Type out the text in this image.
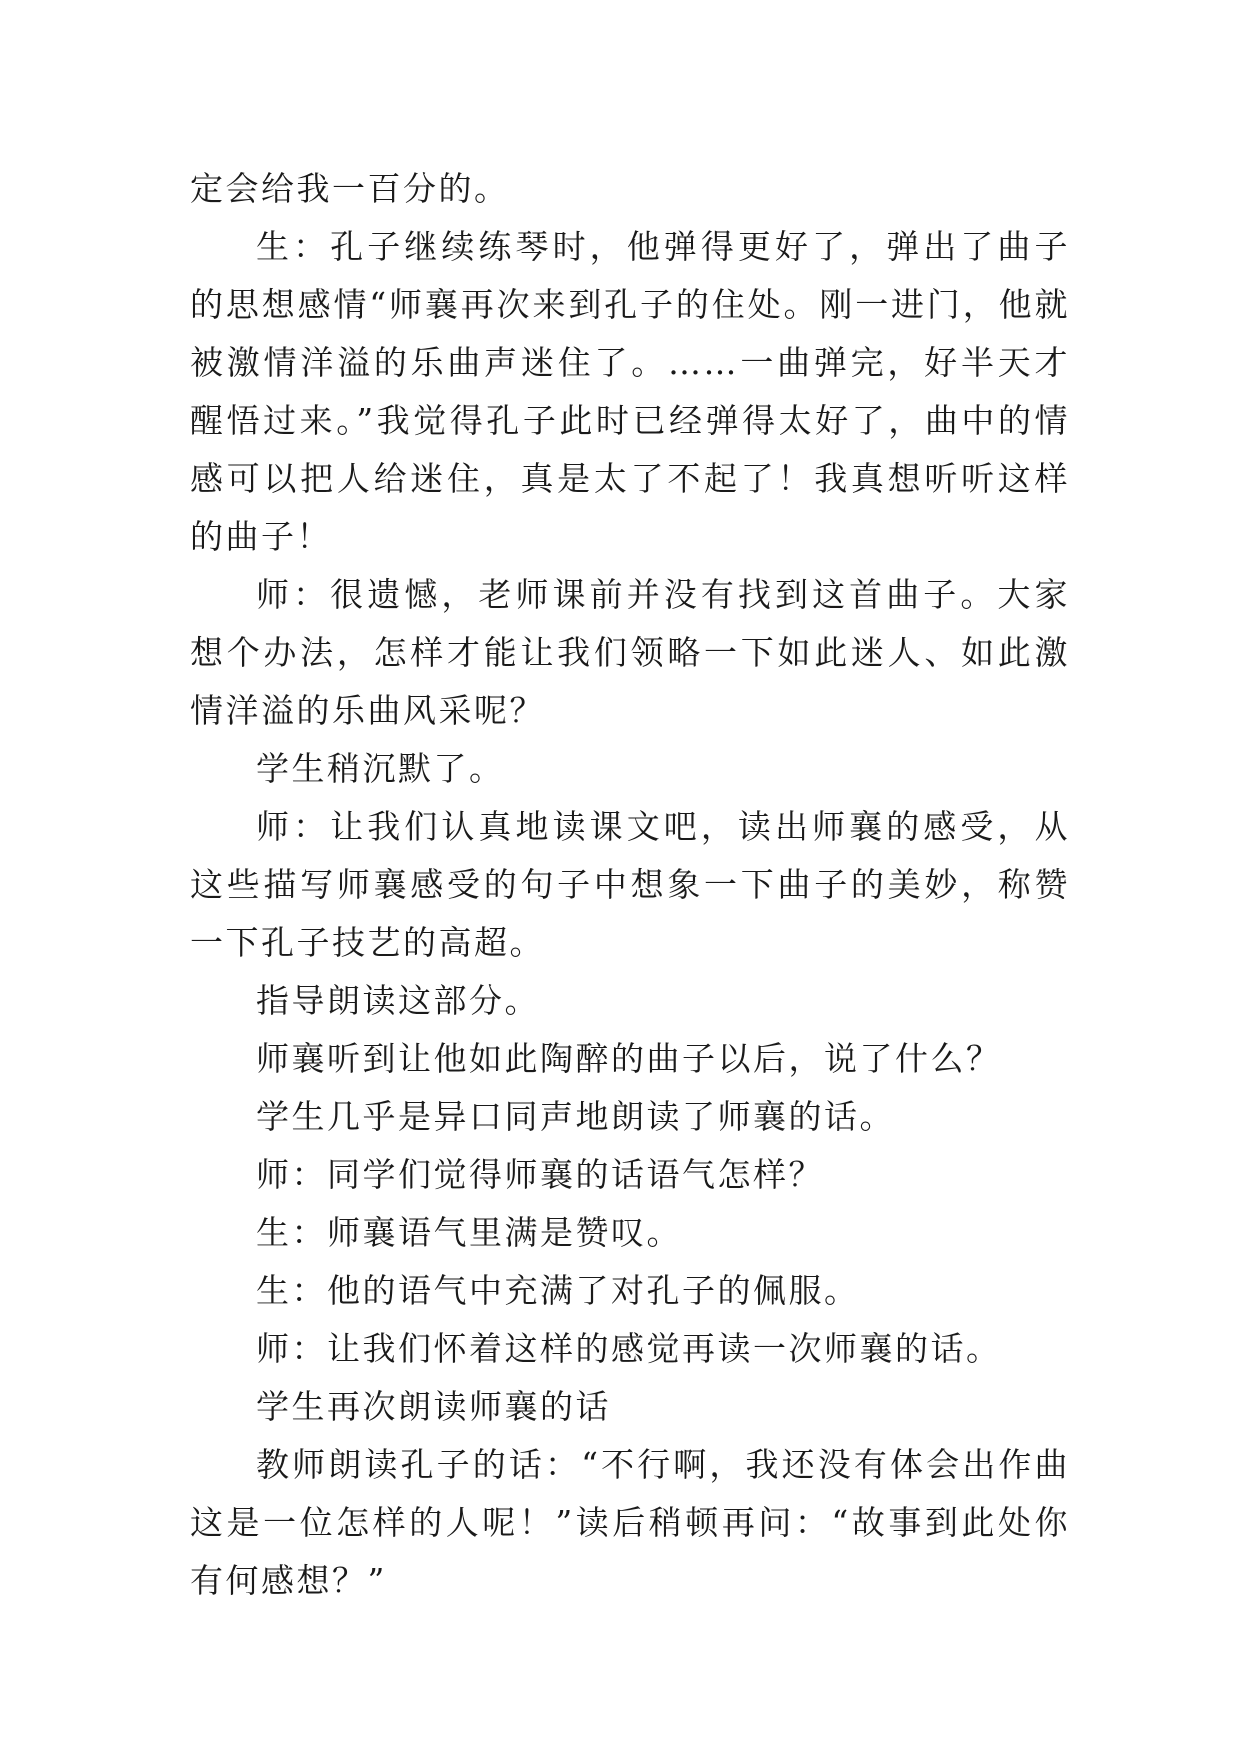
定会给我一百分的。

生：孔子继续练琴时，他弹得更好了，弹出了曲子的思想感情“师襄再次来到孔子的住处。刚一进门，他就被激情洋溢的乐曲声迷住了。……一曲弹完，好半天才醒悟过来。”我觉得孔子此时已经弹得太好了，曲中的情感可以把人给迷住，真是太了不起了！我真想听听这样的曲子！

师：很遗憾，老师课前并没有找到这首曲子。大家想个办法，怎样才能让我们领略一下如此迷人、如此激情洋溢的乐曲风采呢？

学生稍沉默了。

师：让我们认真地读课文吧，读出师襄的感受，从这些描写师襄感受的句子中想象一下曲子的美妙，称赞一下孔子技艺的高超。

指导朗读这部分。

师襄听到让他如此陶醉的曲子以后，说了什么？

学生几乎是异口同声地朗读了师襄的话。

师：同学们觉得师襄的话语气怎样？

生：师襄语气里满是赞叹。

生：他的语气中充满了对孔子的佩服。

师：让我们怀着这样的感觉再读一次师襄的话。

学生再次朗读师襄的话

教师朗读孔子的话：“不行啊，我还没有体会出作曲这是一位怎样的人呢！”读后稍顿再问：“故事到此处你有何感想？”
